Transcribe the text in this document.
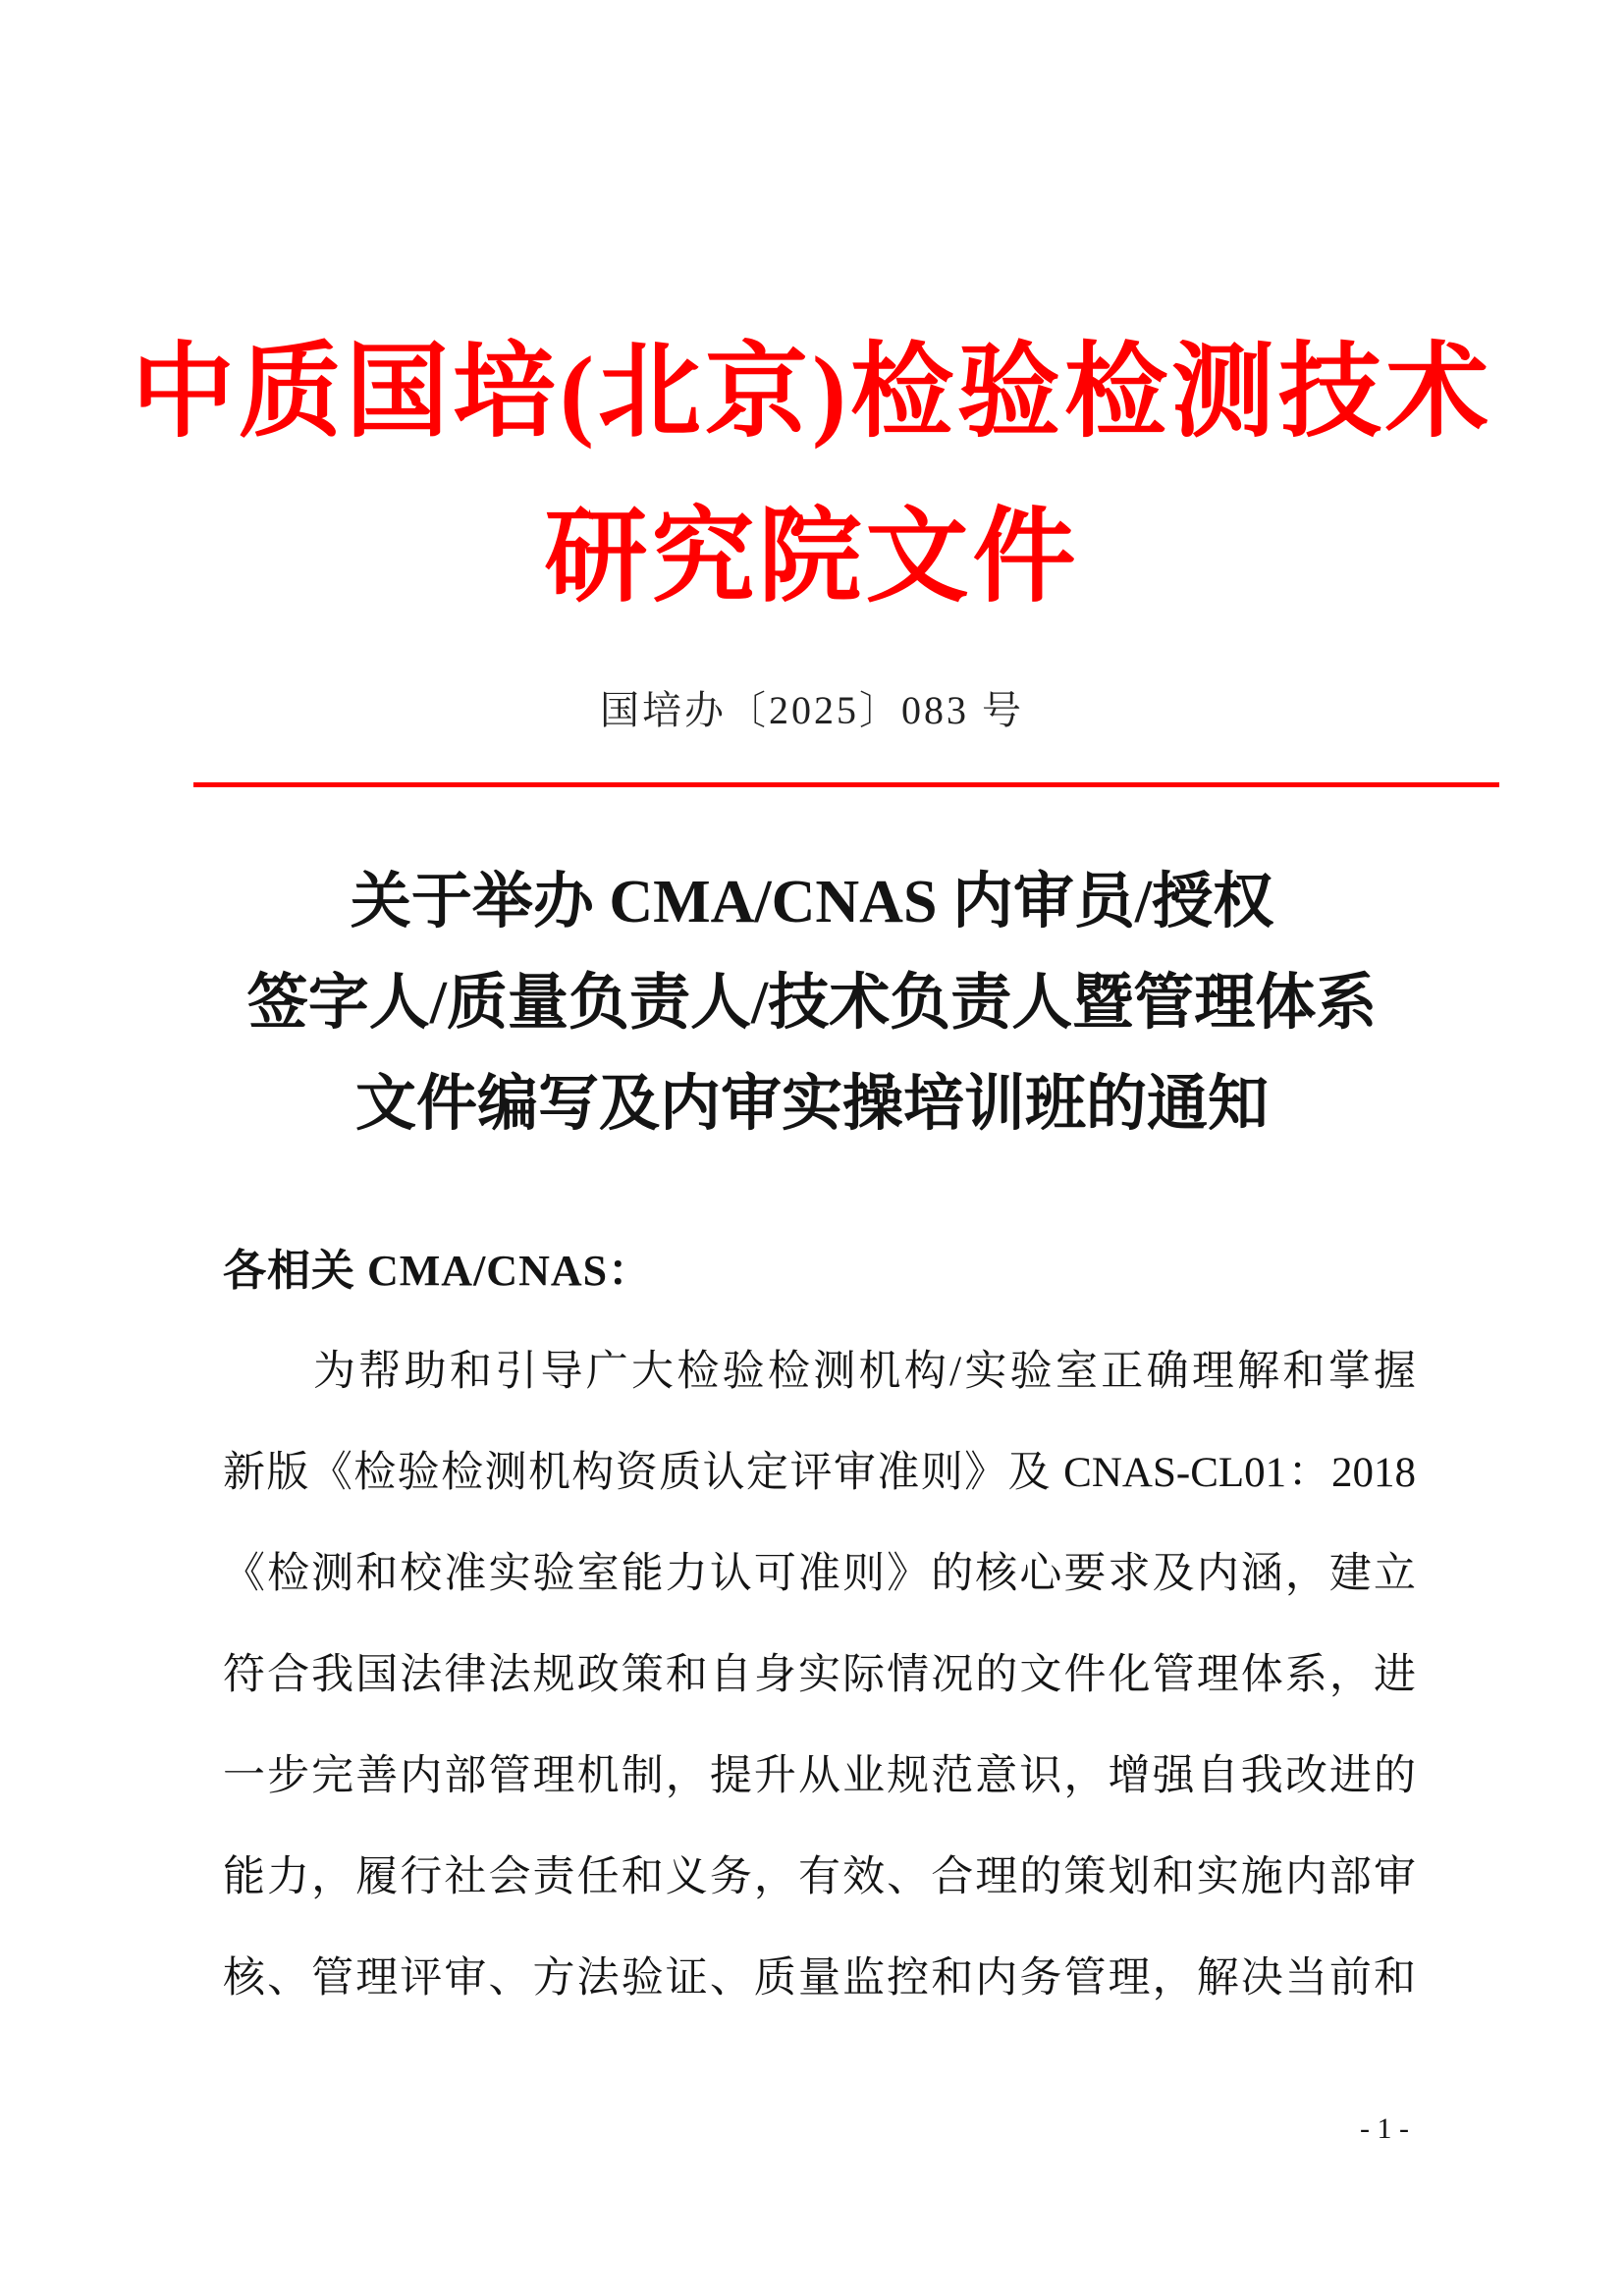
中质国培(北京)检验检测技术
研究院文件
国培办〔2025〕083 号
关于举办 CMA/CNAS 内审员/授权
签字人/质量负责人/技术负责人暨管理体系
文件编写及内审实操培训班的通知
各相关 CMA/CNAS：
为帮助和引导广大检验检测机构/实验室正确理解和掌握
新版《检验检测机构资质认定评审准则》及 CNAS-CL01：2018
《检测和校准实验室能力认可准则》的核心要求及内涵，建立
符合我国法律法规政策和自身实际情况的文件化管理体系，进
一步完善内部管理机制，提升从业规范意识，增强自我改进的
能力，履行社会责任和义务，有效、合理的策划和实施内部审
核、管理评审、方法验证、质量监控和内务管理，解决当前和
- 1 -
